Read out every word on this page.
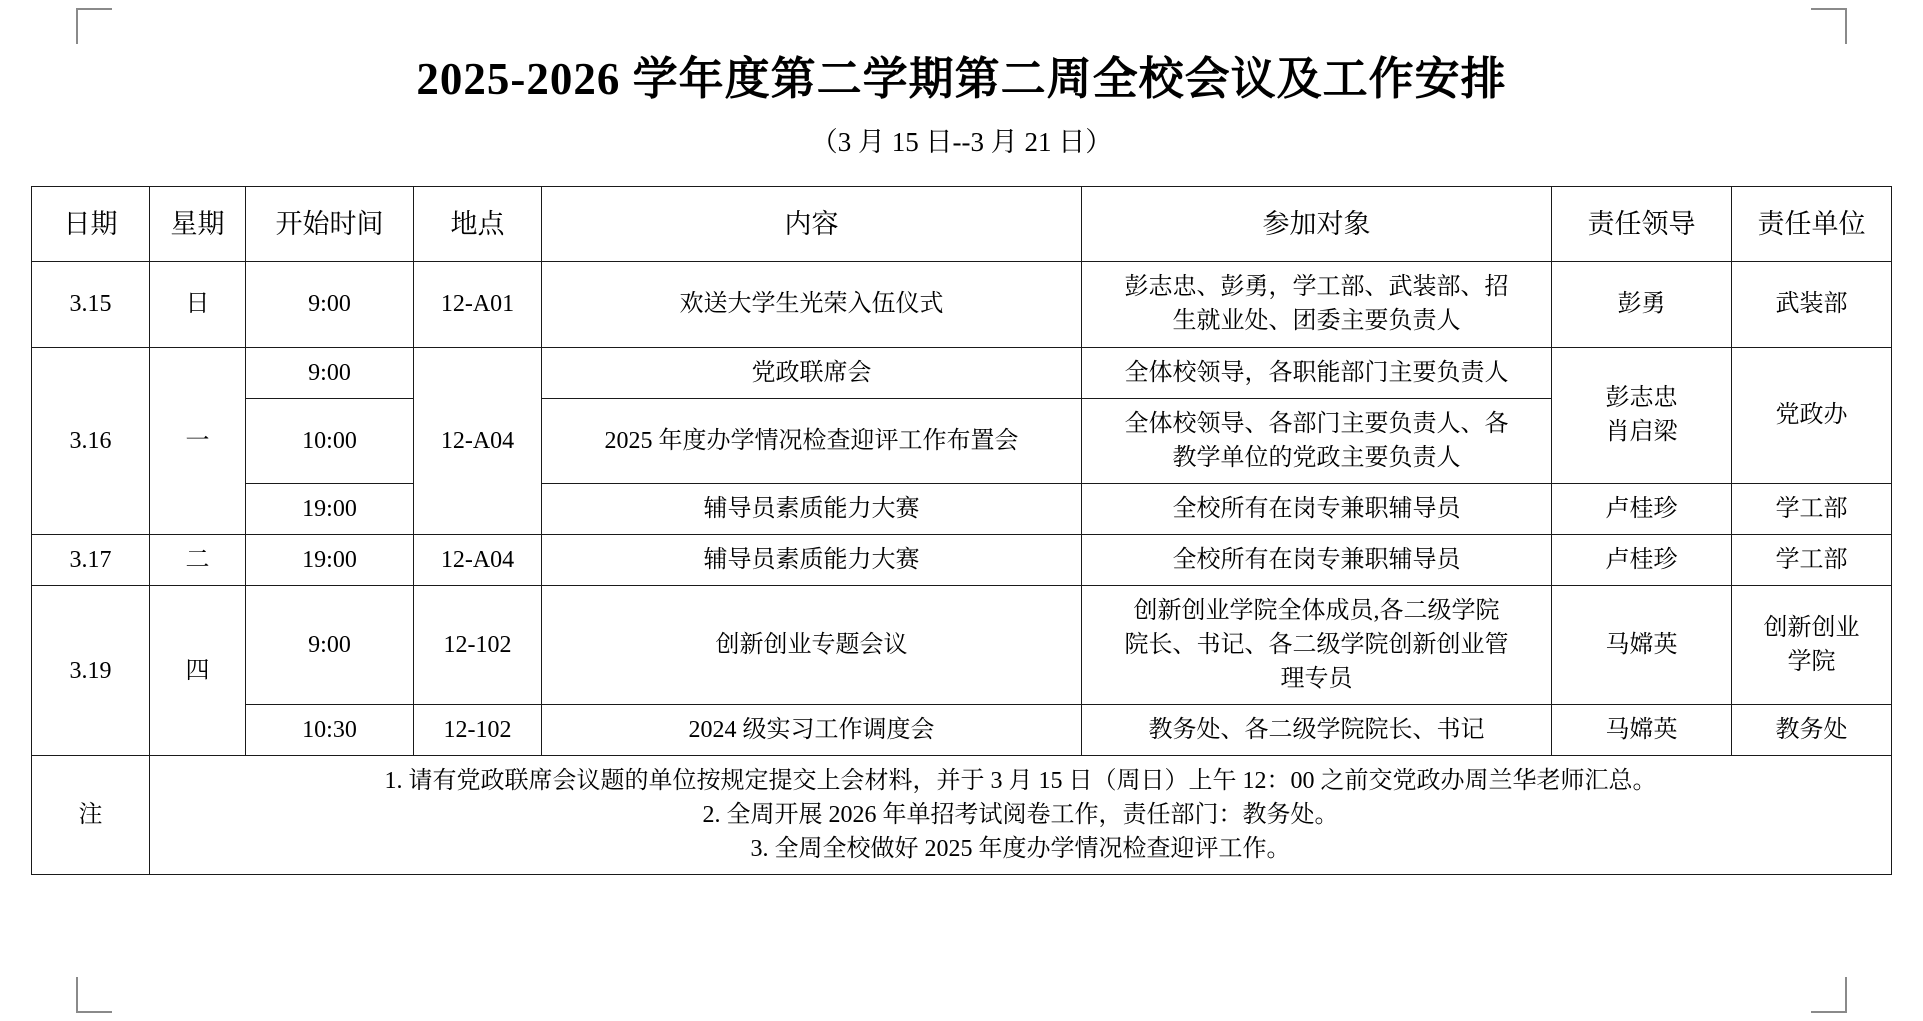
2025-2026 学年度第二学期第二周全校会议及工作安排
（3 月 15 日--3 月 21 日）
日期	星期	开始时间	地点	内容	参加对象	责任领导	责任单位
3.15	日	9:00	12-A01	欢送大学生光荣入伍仪式	彭志忠、彭勇，学工部、武装部、招
生就业处、团委主要负责人	彭勇	武装部
3.16	一	9:00	12-A04	党政联席会	全体校领导，各职能部门主要负责人	彭志忠
肖启梁	党政办
		10:00		2025 年度办学情况检查迎评工作布置会	全体校领导、各部门主要负责人、各
教学单位的党政主要负责人		

		19:00		辅导员素质能力大赛	全校所有在岗专兼职辅导员	卢桂珍	学工部
3.17	二	19:00	12-A04	辅导员素质能力大赛	全校所有在岗专兼职辅导员	卢桂珍	学工部
3.19	四	9:00	12-102	创新创业专题会议	创新创业学院全体成员,各二级学院
院长、书记、各二级学院创新创业管
理专员	马嫦英	创新创业
学院

		10:30	12-102	2024 级实习工作调度会	教务处、各二级学院院长、书记	马嫦英	教务处
注	1. 请有党政联席会议题的单位按规定提交上会材料，并于 3 月 15 日（周日）上午 12：00 之前交党政办周兰华老师汇总。
2. 全周开展 2026 年单招考试阅卷工作，责任部门：教务处。
3. 全周全校做好 2025 年度办学情况检查迎评工作。						
